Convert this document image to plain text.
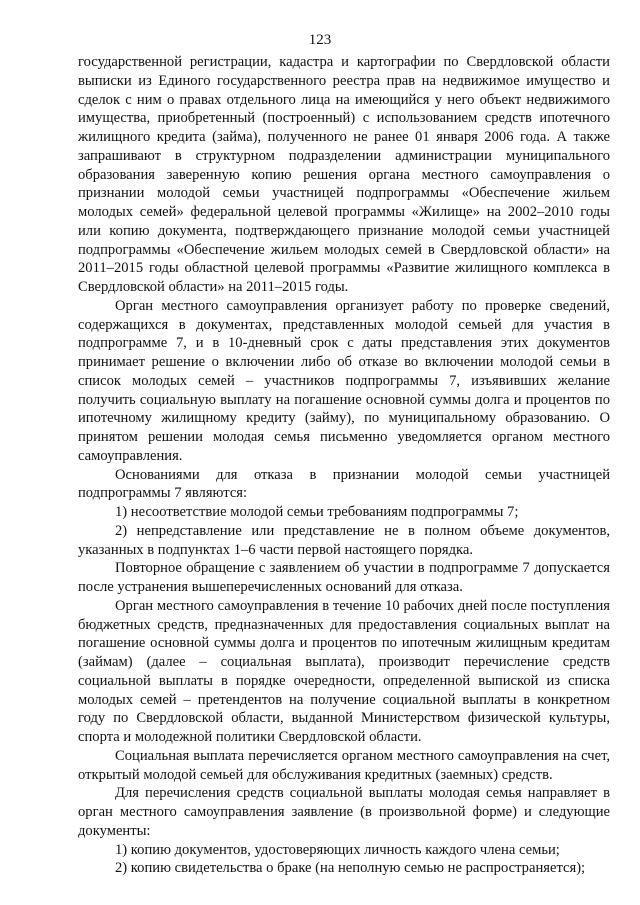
123

государственной регистрации, кадастра и картографии по Свердловской области выписки из Единого государственного реестра прав на недвижимое имущество и сделок с ним о правах отдельного лица на имеющийся у него объект недвижимого имущества, приобретенный (построенный) с использованием средств ипотечного жилищного кредита (займа), полученного не ранее 01 января 2006 года. А также запрашивают в структурном подразделении администрации муниципального образования заверенную копию решения органа местного самоуправления о признании молодой семьи участницей подпрограммы «Обеспечение жильем молодых семей» федеральной целевой программы «Жилище» на 2002–2010 годы или копию документа, подтверждающего признание молодой семьи участницей подпрограммы «Обеспечение жильем молодых семей в Свердловской области» на 2011–2015 годы областной целевой программы «Развитие жилищного комплекса в Свердловской области» на 2011–2015 годы.

Орган местного самоуправления организует работу по проверке сведений, содержащихся в документах, представленных молодой семьей для участия в подпрограмме 7, и в 10-дневный срок с даты представления этих документов принимает решение о включении либо об отказе во включении молодой семьи в список молодых семей – участников подпрограммы 7, изъявивших желание получить социальную выплату на погашение основной суммы долга и процентов по ипотечному жилищному кредиту (займу), по муниципальному образованию. О принятом решении молодая семья письменно уведомляется органом местного самоуправления.

Основаниями для отказа в признании молодой семьи участницей подпрограммы 7 являются:

1) несоответствие молодой семьи требованиям подпрограммы 7;

2) непредставление или представление не в полном объеме документов, указанных в подпунктах 1–6 части первой настоящего порядка.

Повторное обращение с заявлением об участии в подпрограмме 7 допускается после устранения вышеперечисленных оснований для отказа.

Орган местного самоуправления в течение 10 рабочих дней после поступления бюджетных средств, предназначенных для предоставления социальных выплат на погашение основной суммы долга и процентов по ипотечным жилищным кредитам (займам) (далее – социальная выплата), производит перечисление средств социальной выплаты в порядке очередности, определенной выпиской из списка молодых семей – претендентов на получение социальной выплаты в конкретном году по Свердловской области, выданной Министерством физической культуры, спорта и молодежной политики Свердловской области.

Социальная выплата перечисляется органом местного самоуправления на счет, открытый молодой семьей для обслуживания кредитных (заемных) средств.

Для перечисления средств социальной выплаты молодая семья направляет в орган местного самоуправления заявление (в произвольной форме) и следующие документы:

1) копию документов, удостоверяющих личность каждого члена семьи;

2) копию свидетельства о браке (на неполную семью не распространяется);
